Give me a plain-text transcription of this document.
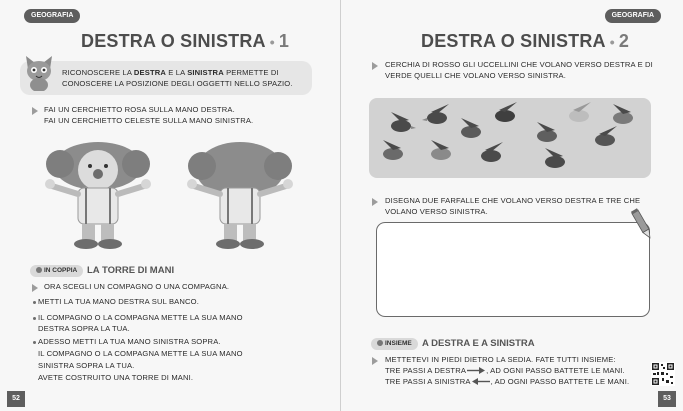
GEOGRAFIA
DESTRA O SINISTRA • 1
RICONOSCERE LA DESTRA E LA SINISTRA PERMETTE DI
CONOSCERE LA POSIZIONE DEGLI OGGETTI NELLO SPAZIO.
FAI UN CERCHIETTO ROSA SULLA MANO DESTRA.
FAI UN CERCHIETTO CELESTE SULLA MANO SINISTRA.
IN COPPIA	LA TORRE DI MANI
ORA SCEGLI UN COMPAGNO O UNA COMPAGNA.
METTI LA TUA MANO DESTRA SUL BANCO.
IL COMPAGNO O LA COMPAGNA METTE LA SUA MANO
DESTRA SOPRA LA TUA.
ADESSO METTI LA TUA MANO SINISTRA SOPRA.
IL COMPAGNO O LA COMPAGNA METTE LA SUA MANO
SINISTRA SOPRA LA TUA.
AVETE COSTRUITO UNA TORRE DI MANI.
52
GEOGRAFIA
DESTRA O SINISTRA • 2
CERCHIA DI ROSSO GLI UCCELLINI CHE VOLANO VERSO DESTRA E DI
VERDE QUELLI CHE VOLANO VERSO SINISTRA.
DISEGNA DUE FARFALLE CHE VOLANO VERSO DESTRA E TRE CHE
VOLANO VERSO SINISTRA.
INSIEME	A DESTRA E A SINISTRA
METTETEVI IN PIEDI DIETRO LA SEDIA. FATE TUTTI INSIEME:
TRE PASSI A DESTRA	, AD OGNI PASSO BATTETE LE MANI.
TRE PASSI A SINISTRA	, AD OGNI PASSO BATTETE LE MANI.
53
